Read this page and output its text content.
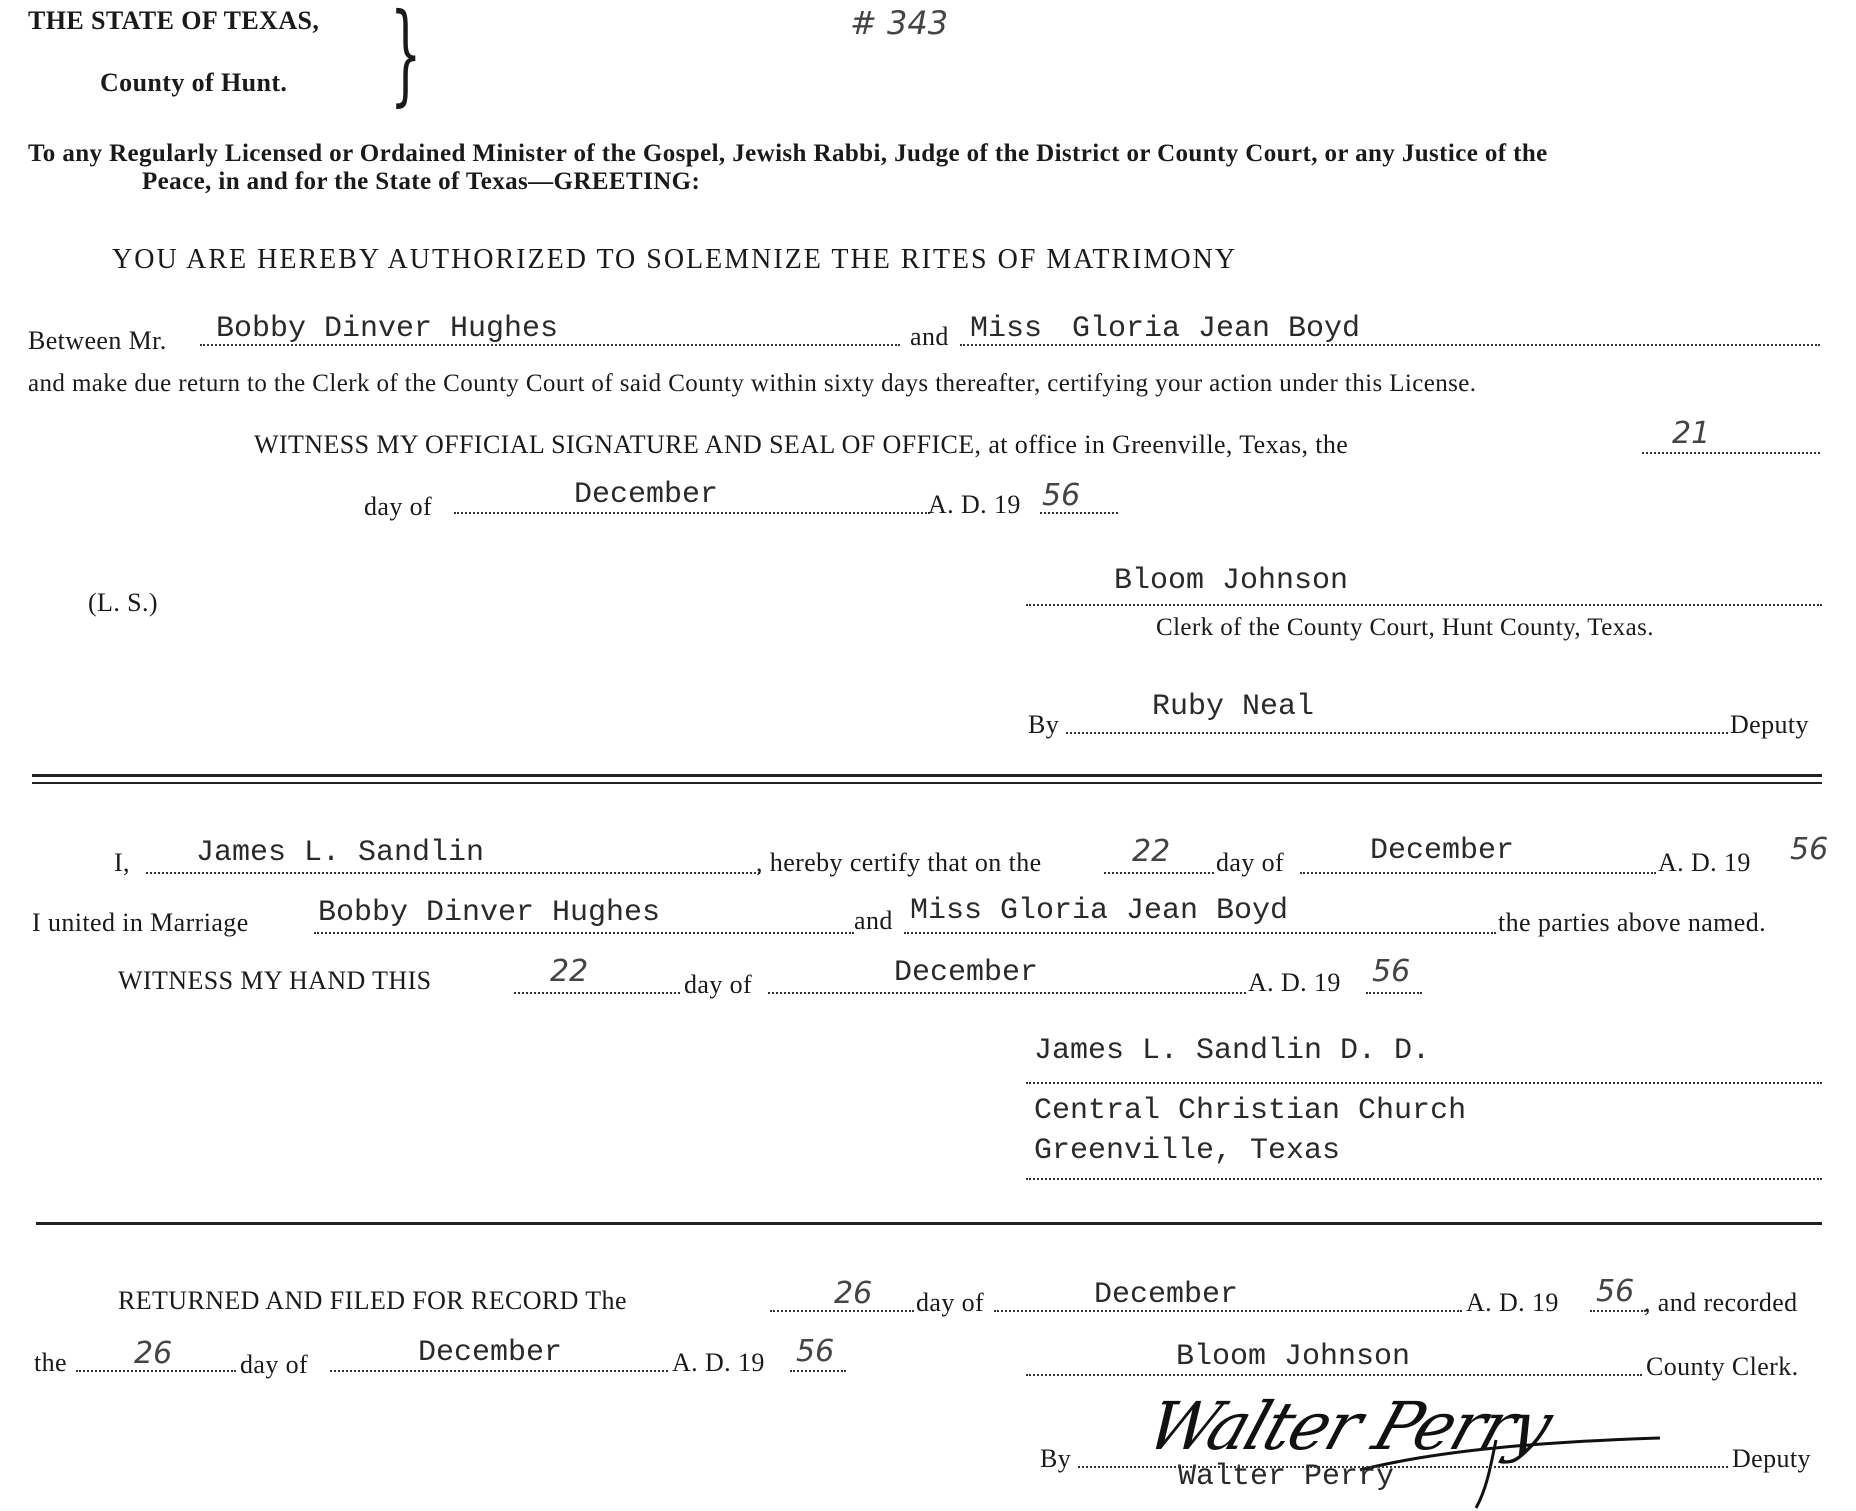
THE STATE OF TEXAS,
County of Hunt. }	# 343
To any Regularly Licensed or Ordained Minister of the Gospel, Jewish Rabbi, Judge of the District or County Court, or any Justice of the
Peace, in and for the State of Texas—GREETING:
YOU ARE HEREBY AUTHORIZED TO SOLEMNIZE THE RITES OF MATRIMONY
Between Mr. Bobby Dinver Hughes	and Miss Gloria Jean Boyd
and make due return to the Clerk of the County Court of said County within sixty days thereafter, certifying your action under this License.
WITNESS MY OFFICIAL SIGNATURE AND SEAL OF OFFICE, at office in Greenville, Texas, the	21
day of	December	A. D. 19 56
(L. S.)
Bloom Johnson
Clerk of the County Court, Hunt County, Texas.
By
Ruby Neal
Deputy
I, James L. Sandlin	, hereby certify that on the	22 day of	December	A. D. 19 56
I united in Marriage Bobby Dinver Hughes	and Miss Gloria Jean Boyd	the parties above named.
WITNESS MY HAND THIS	22	day of	December	A. D. 19 56
James L. Sandlin D. D.
Central Christian Church
Greenville, Texas
RETURNED AND FILED FOR RECORD The	26 day of	December	A. D. 19 56 , and recorded
the 26	day of	December	A. D. 19 56	Bloom Johnson	County Clerk.
By Walter Perry
Walter Perry
Deputy
